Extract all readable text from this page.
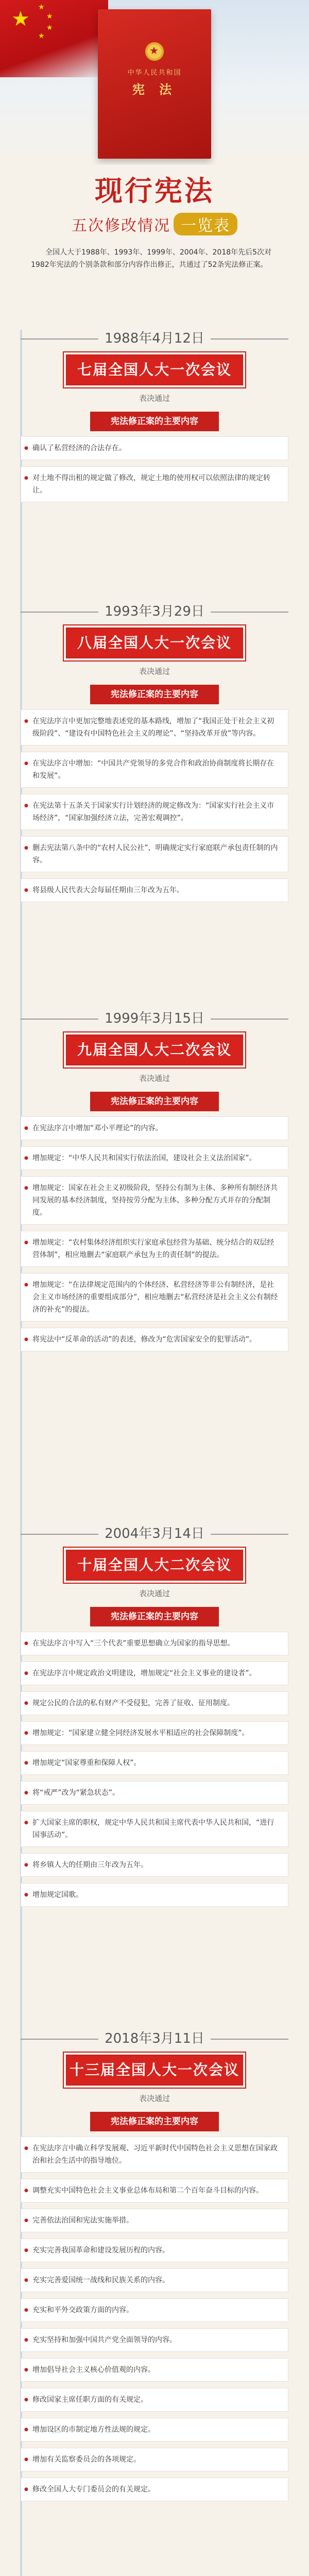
★ ★
★
★
★
★
中华人民共和国
宪 法
现行宪法
五次修改情况 一览表
全国人大于1988年、1993年、1999年、2004年、2018年先后5次对1982年宪法的个别条款和部分内容作出修正，共通过了52条宪法修正案。
1988年4月12日
七届全国人大一次会议
表决通过
宪法修正案的主要内容
● 确认了私营经济的合法存在。
● 对土地不得出租的规定做了修改，规定土地的使用权可以依照法律的规定转让。
1993年3月29日
八届全国人大一次会议
表决通过
宪法修正案的主要内容
● 在宪法序言中更加完整地表述党的基本路线，增加了“我国正处于社会主义初级阶段”、“建设有中国特色社会主义的理论”、“坚持改革开放”等内容。
● 在宪法序言中增加：“中国共产党领导的多党合作和政治协商制度将长期存在和发展”。
● 在宪法第十五条关于国家实行计划经济的规定修改为：“国家实行社会主义市场经济”，“国家加强经济立法，完善宏观调控”。
● 删去宪法第八条中的“农村人民公社”，明确规定实行家庭联产承包责任制的内容。
● 将县级人民代表大会每届任期由三年改为五年。
1999年3月15日
九届全国人大二次会议
表决通过
宪法修正案的主要内容
● 在宪法序言中增加“邓小平理论”的内容。
● 增加规定：“中华人民共和国实行依法治国，建设社会主义法治国家”。
● 增加规定：国家在社会主义初级阶段，坚持公有制为主体、多种所有制经济共同发展的基本经济制度，坚持按劳分配为主体、多种分配方式并存的分配制度。
● 增加规定：“农村集体经济组织实行家庭承包经营为基础、统分结合的双层经营体制”，相应地删去“家庭联产承包为主的责任制”的提法。
● 增加规定：“在法律规定范围内的个体经济、私营经济等非公有制经济，是社会主义市场经济的重要组成部分”，相应地删去“私营经济是社会主义公有制经济的补充”的提法。
● 将宪法中“反革命的活动”的表述，修改为“危害国家安全的犯罪活动”。
2004年3月14日
十届全国人大二次会议
表决通过
宪法修正案的主要内容
● 在宪法序言中写入“三个代表”重要思想确立为国家的指导思想。
● 在宪法序言中规定政治文明建设，增加规定“社会主义事业的建设者”。
● 规定公民的合法的私有财产不受侵犯，完善了征收、征用制度。
● 增加规定：“国家建立健全同经济发展水平相适应的社会保障制度”。
● 增加规定“国家尊重和保障人权”。
● 将“戒严”改为“紧急状态”。
● 扩大国家主席的职权，规定中华人民共和国主席代表中华人民共和国，“进行国事活动”。
● 将乡镇人大的任期由三年改为五年。
● 增加规定国歌。
2018年3月11日
十三届全国人大一次会议
表决通过
宪法修正案的主要内容
● 在宪法序言中确立科学发展观、习近平新时代中国特色社会主义思想在国家政治和社会生活中的指导地位。
● 调整充实中国特色社会主义事业总体布局和第二个百年奋斗目标的内容。
● 完善依法治国和宪法实施举措。
● 充实完善我国革命和建设发展历程的内容。
● 充实完善爱国统一战线和民族关系的内容。
● 充实和平外交政策方面的内容。
● 充实坚持和加强中国共产党全面领导的内容。
● 增加倡导社会主义核心价值观的内容。
● 修改国家主席任职方面的有关规定。
● 增加设区的市制定地方性法规的规定。
● 增加有关监察委员会的各项规定。
● 修改全国人大专门委员会的有关规定。
